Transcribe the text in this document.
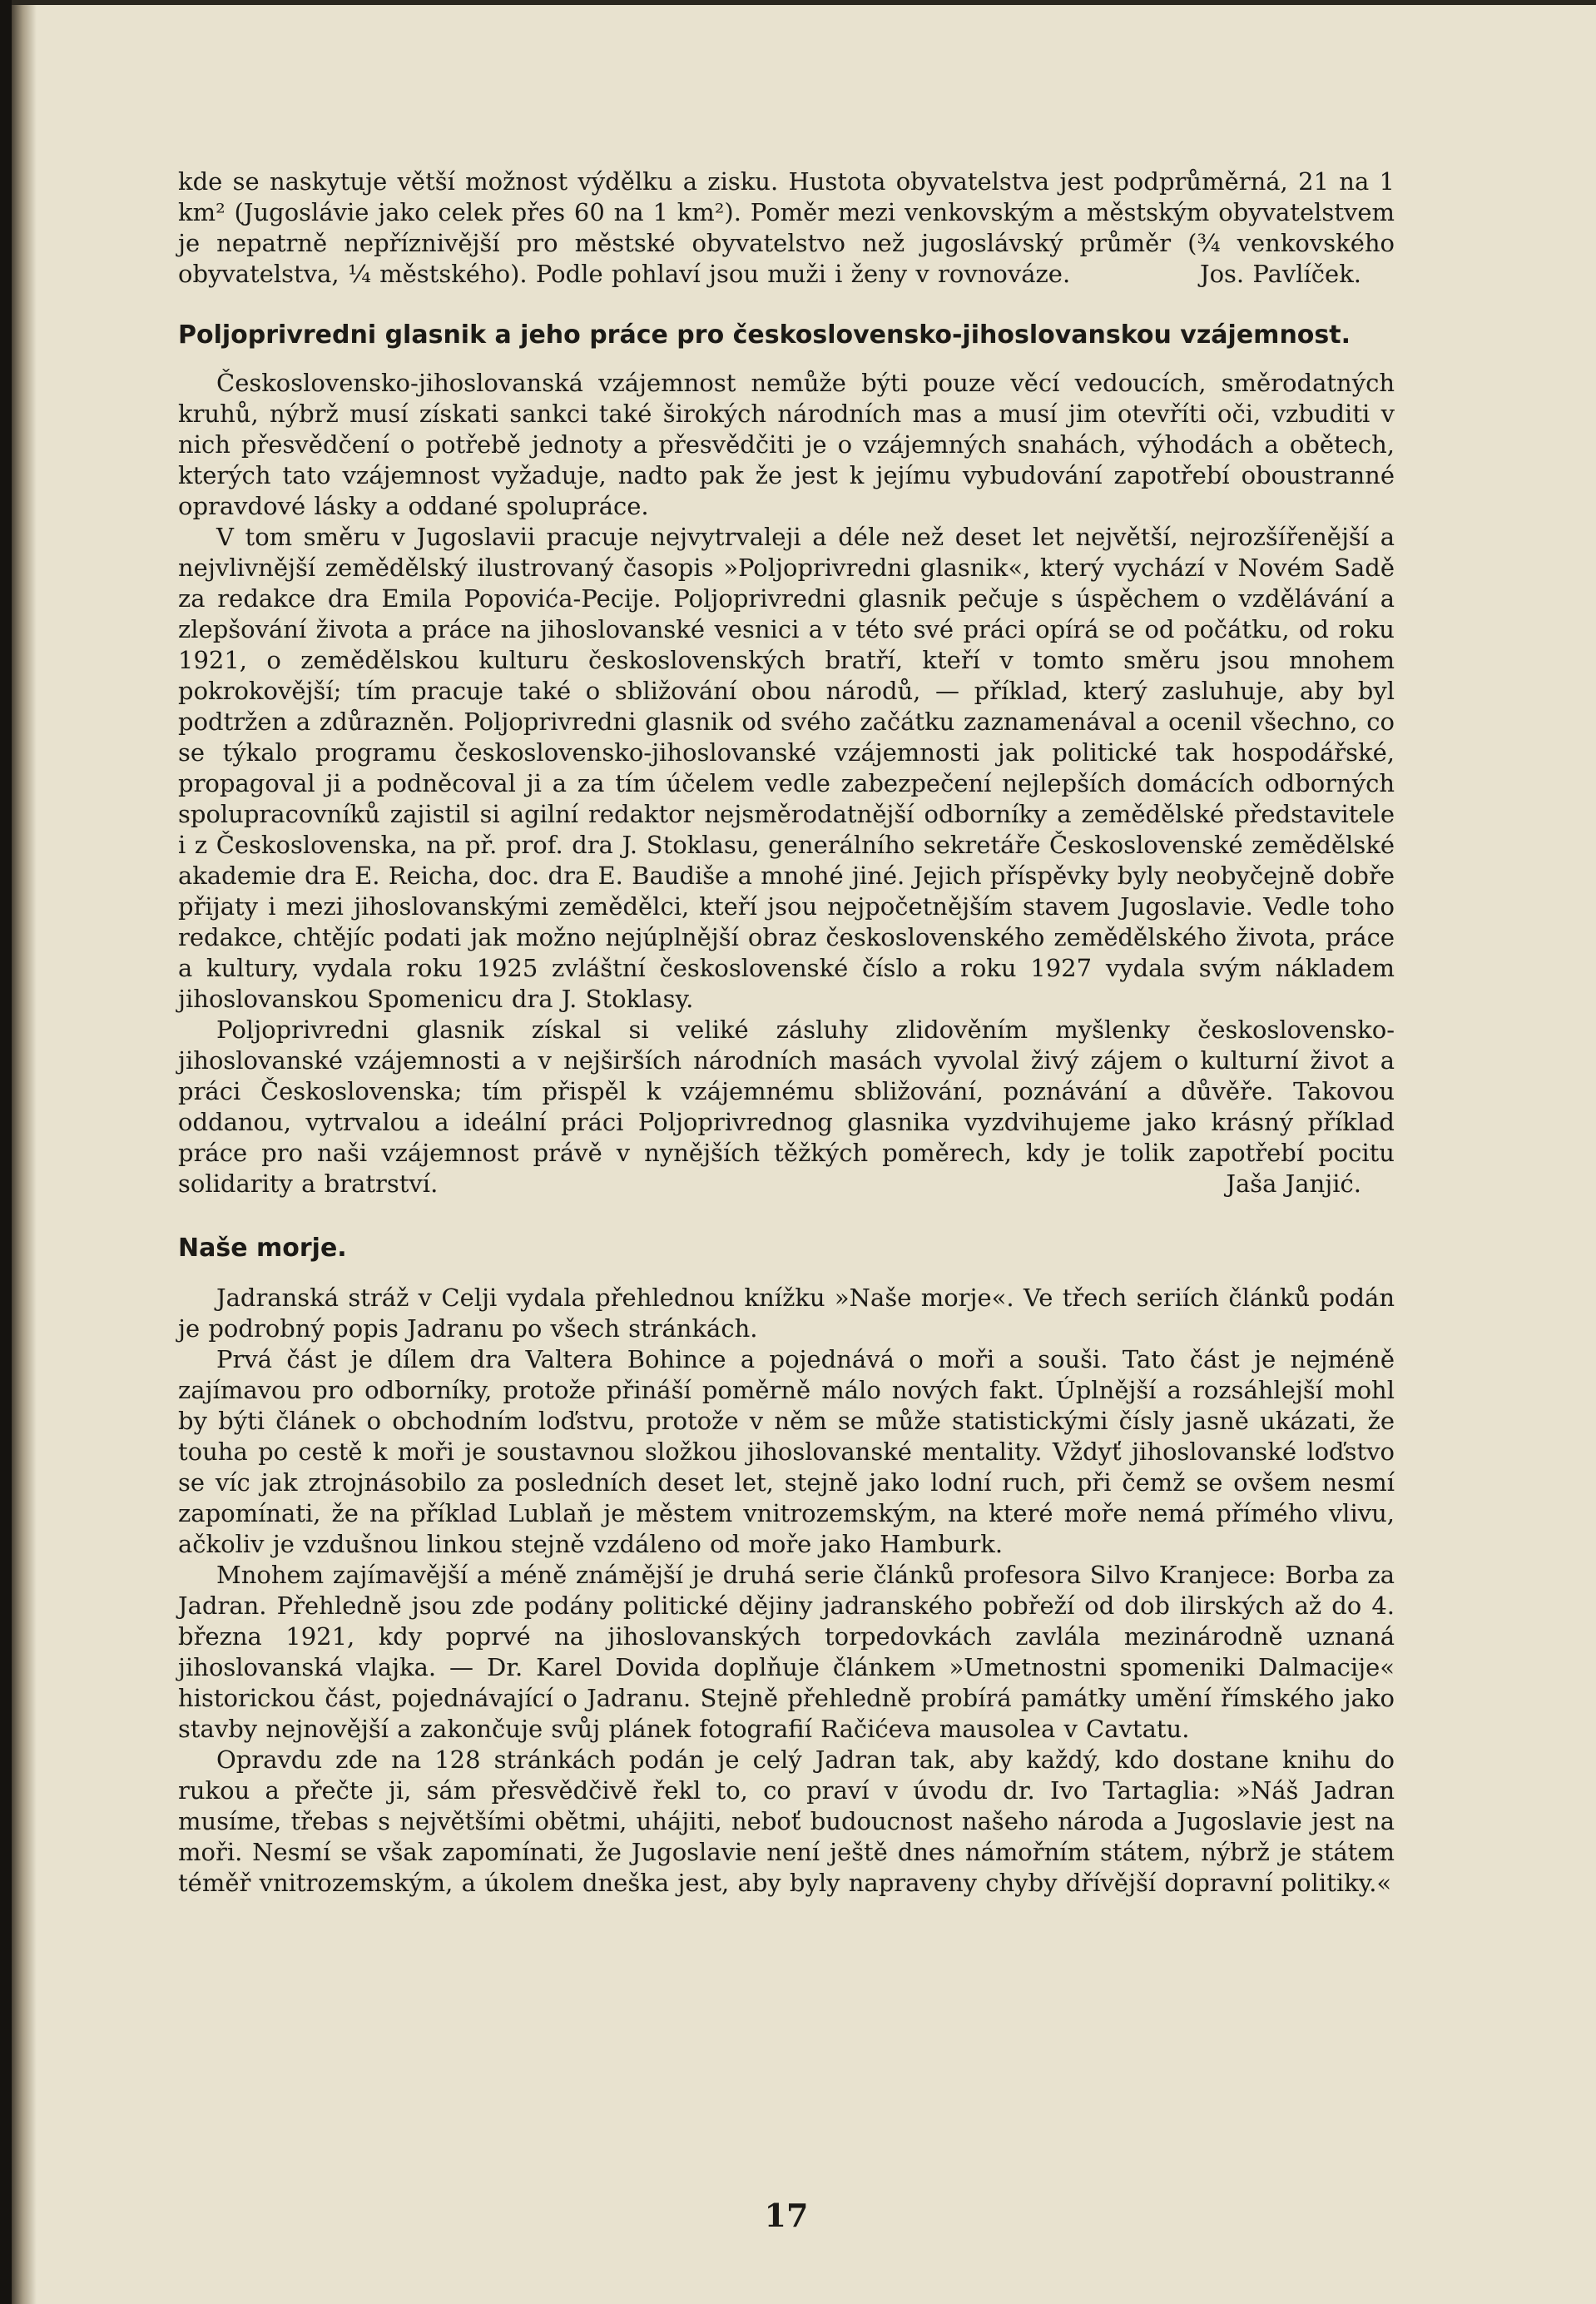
kde se naskytuje větší možnost výdělku a zisku. Hustota obyvatelstva jest podprůměrná, 21 na 1 km² (Jugoslávie jako celek přes 60 na 1 km²). Poměr mezi venkovským a městským obyvatelstvem je nepatrně nepříznivější pro městské obyvatelstvo než jugoslávský průměr (¾ venkovského obyvatelstva, ¼ městského). Podle pohlaví jsou muži i ženy v rovnováze.	Jos. Pavlíček.

Poljoprivredni glasnik a jeho práce pro československo-jihoslovanskou vzájemnost.

Československo-jihoslovanská vzájemnost nemůže býti pouze věcí vedoucích, směrodatných kruhů, nýbrž musí získati sankci také širokých národních mas a musí jim otevříti oči, vzbuditi v nich přesvědčení o potřebě jednoty a přesvědčiti je o vzájemných snahách, výhodách a obětech, kterých tato vzájemnost vyžaduje, nadto pak že jest k jejímu vybudování zapotřebí oboustranné opravdové lásky a oddané spolupráce.

V tom směru v Jugoslavii pracuje nejvytrvaleji a déle než deset let největší, nejrozšířenější a nejvlivnější zemědělský ilustrovaný časopis »Poljoprivredni glasnik«, který vychází v Novém Sadě za redakce dra Emila Popovića-Pecije. Poljoprivredni glasnik pečuje s úspěchem o vzdělávání a zlepšování života a práce na jihoslovanské vesnici a v této své práci opírá se od počátku, od roku 1921, o zemědělskou kulturu československých bratří, kteří v tomto směru jsou mnohem pokrokovější; tím pracuje také o sbližování obou národů, — příklad, který zasluhuje, aby byl podtržen a zdůrazněn. Poljoprivredni glasnik od svého začátku zaznamenával a ocenil všechno, co se týkalo programu československo-jihoslovanské vzájemnosti jak politické tak hospodářské, propagoval ji a podněcoval ji a za tím účelem vedle zabezpečení nejlepších domácích odborných spolupracovníků zajistil si agilní redaktor nejsměrodatnější odborníky a zemědělské představitele i z Československa, na př. prof. dra J. Stoklasu, generálního sekretáře Československé zemědělské akademie dra E. Reicha, doc. dra E. Baudiše a mnohé jiné. Jejich příspěvky byly neobyčejně dobře přijaty i mezi jihoslovanskými zemědělci, kteří jsou nejpočetnějším stavem Jugoslavie. Vedle toho redakce, chtějíc podati jak možno nejúplnější obraz československého zemědělského života, práce a kultury, vydala roku 1925 zvláštní československé číslo a roku 1927 vydala svým nákladem jihoslovanskou Spomenicu dra J. Stoklasy.

Poljoprivredni glasnik získal si veliké zásluhy zlidověním myšlenky československo-jihoslovanské vzájemnosti a v nejširších národních masách vyvolal živý zájem o kulturní život a práci Československa; tím přispěl k vzájemnému sbližování, poznávání a důvěře. Takovou oddanou, vytrvalou a ideální práci Poljoprivrednog glasnika vyzdvihujeme jako krásný příklad práce pro naši vzájemnost právě v nynějších těžkých poměrech, kdy je tolik zapotřebí pocitu solidarity a bratrství.	Jaša Janjić.

Naše morje.

Jadranská stráž v Celji vydala přehlednou knížku »Naše morje«. Ve třech seriích článků podán je podrobný popis Jadranu po všech stránkách.

Prvá část je dílem dra Valtera Bohince a pojednává o moři a souši. Tato část je nejméně zajímavou pro odborníky, protože přináší poměrně málo nových fakt. Úplnější a rozsáhlejší mohl by býti článek o obchodním loďstvu, protože v něm se může statistickými čísly jasně ukázati, že touha po cestě k moři je soustavnou složkou jihoslovanské mentality. Vždyť jihoslovanské loďstvo se víc jak ztrojnásobilo za posledních deset let, stejně jako lodní ruch, při čemž se ovšem nesmí zapomínati, že na příklad Lublaň je městem vnitrozemským, na které moře nemá přímého vlivu, ačkoliv je vzdušnou linkou stejně vzdáleno od moře jako Hamburk.

Mnohem zajímavější a méně známější je druhá serie článků profesora Silvo Kranjece: Borba za Jadran. Přehledně jsou zde podány politické dějiny jadranského pobřeží od dob ilirských až do 4. března 1921, kdy poprvé na jihoslovanských torpedovkách zavlála mezinárodně uznaná jihoslovanská vlajka. — Dr. Karel Dovida doplňuje článkem »Umetnostni spomeniki Dalmacije« historickou část, pojednávající o Jadranu. Stejně přehledně probírá památky umění římského jako stavby nejnovější a zakončuje svůj plánek fotografií Račićeva mausolea v Cavtatu.

Opravdu zde na 128 stránkách podán je celý Jadran tak, aby každý, kdo dostane knihu do rukou a přečte ji, sám přesvědčivě řekl to, co praví v úvodu dr. Ivo Tartaglia: »Náš Jadran musíme, třebas s největšími obětmi, uhájiti, neboť budoucnost našeho národa a Jugoslavie jest na moři. Nesmí se však zapomínati, že Jugoslavie není ještě dnes námořním státem, nýbrž je státem téměř vnitrozemským, a úkolem dneška jest, aby byly napraveny chyby dřívější dopravní politiky.«

17
